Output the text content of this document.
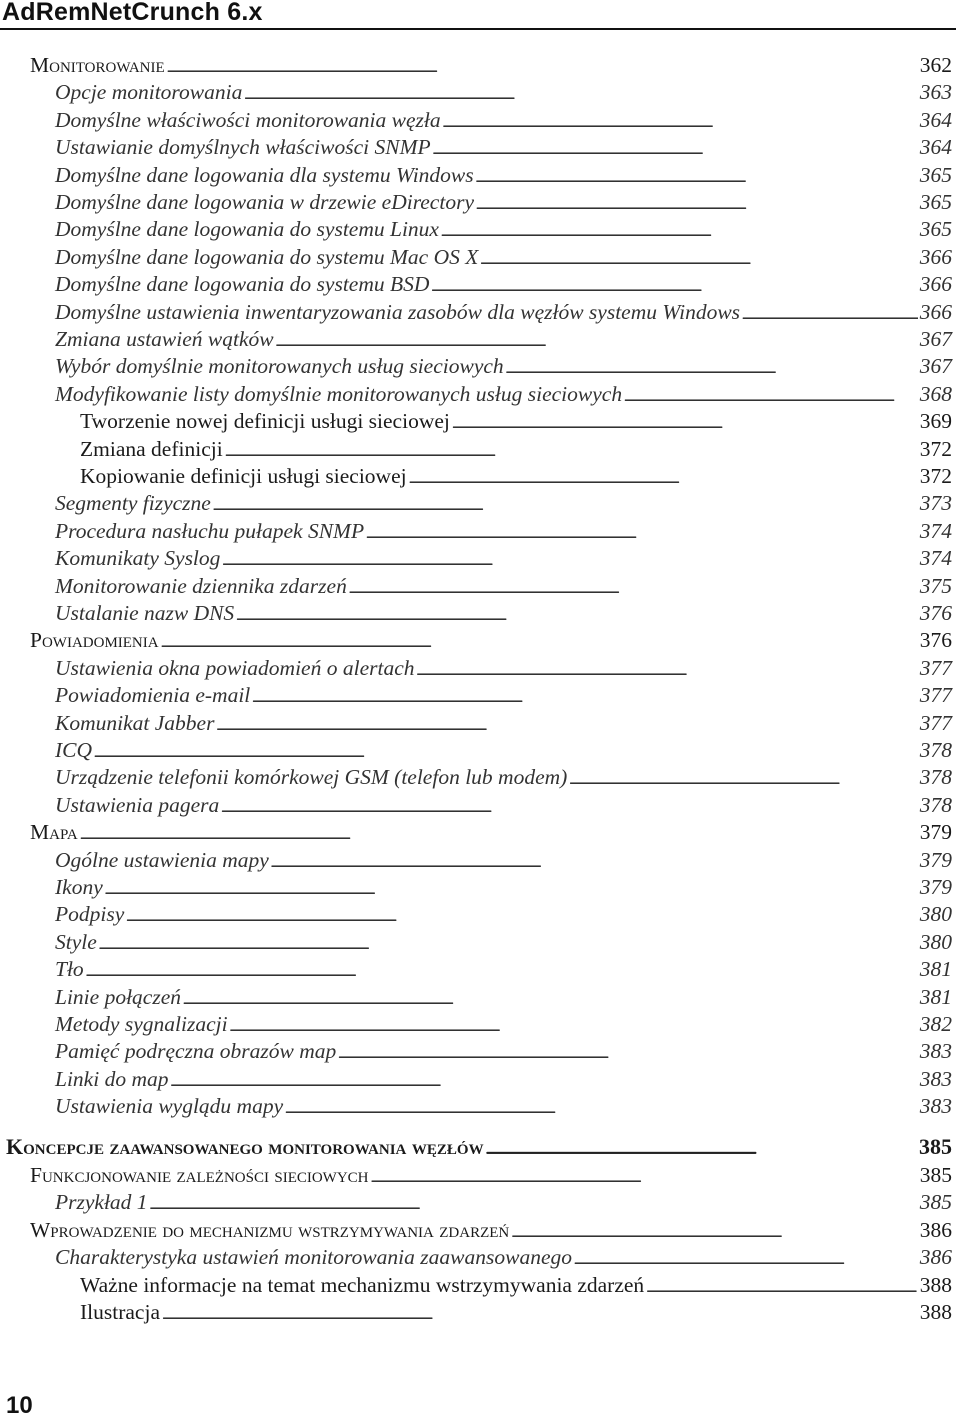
AdRemNetCrunch 6.x
Monitorowanie . . .	362
Opcje monitorowania . . .	363
Domyślne właściwości monitorowania węzła . . .	364
Ustawianie domyślnych właściwości SNMP . . .	364
Domyślne dane logowania dla systemu Windows . . .	365
Domyślne dane logowania w drzewie eDirectory . . .	365
Domyślne dane logowania do systemu Linux . . .	365
Domyślne dane logowania do systemu Mac OS X . . .	366
Domyślne dane logowania do systemu BSD . . .	366
Domyślne ustawienia inwentaryzowania zasobów dla węzłów systemu Windows . . .	366
Zmiana ustawień wątków . . .	367
Wybór domyślnie monitorowanych usług sieciowych . . .	367
Modyfikowanie listy domyślnie monitorowanych usług sieciowych . . .	368
Tworzenie nowej definicji usługi sieciowej . . .	369
Zmiana definicji . . .	372
Kopiowanie definicji usługi sieciowej . . .	372
Segmenty fizyczne . . .	373
Procedura nasłuchu pułapek SNMP . . .	374
Komunikaty Syslog . . .	374
Monitorowanie dziennika zdarzeń . . .	375
Ustalanie nazw DNS . . .	376
Powiadomienia . . .	376
Ustawienia okna powiadomień o alertach . . .	377
Powiadomienia e-mail . . .	377
Komunikat Jabber . . .	377
ICQ . . .	378
Urządzenie telefonii komórkowej GSM (telefon lub modem) . . .	378
Ustawienia pagera . . .	378
Mapa . . .	379
Ogólne ustawienia mapy . . .	379
Ikony . . .	379
Podpisy . . .	380
Style . . .	380
Tło . . .	381
Linie połączeń . . .	381
Metody sygnalizacji . . .	382
Pamięć podręczna obrazów map . . .	383
Linki do map . . .	383
Ustawienia wyglądu mapy . . .	383
Koncepcje zaawansowanego monitorowania węzłów . . .	385
Funkcjonowanie zależności sieciowych . . .	385
Przykład 1 . . .	385
Wprowadzenie do mechanizmu wstrzymywania zdarzeń . . .	386
Charakterystyka ustawień monitorowania zaawansowanego . . .	386
Ważne informacje na temat mechanizmu wstrzymywania zdarzeń . . .	388
Ilustracja . . .	388
10
